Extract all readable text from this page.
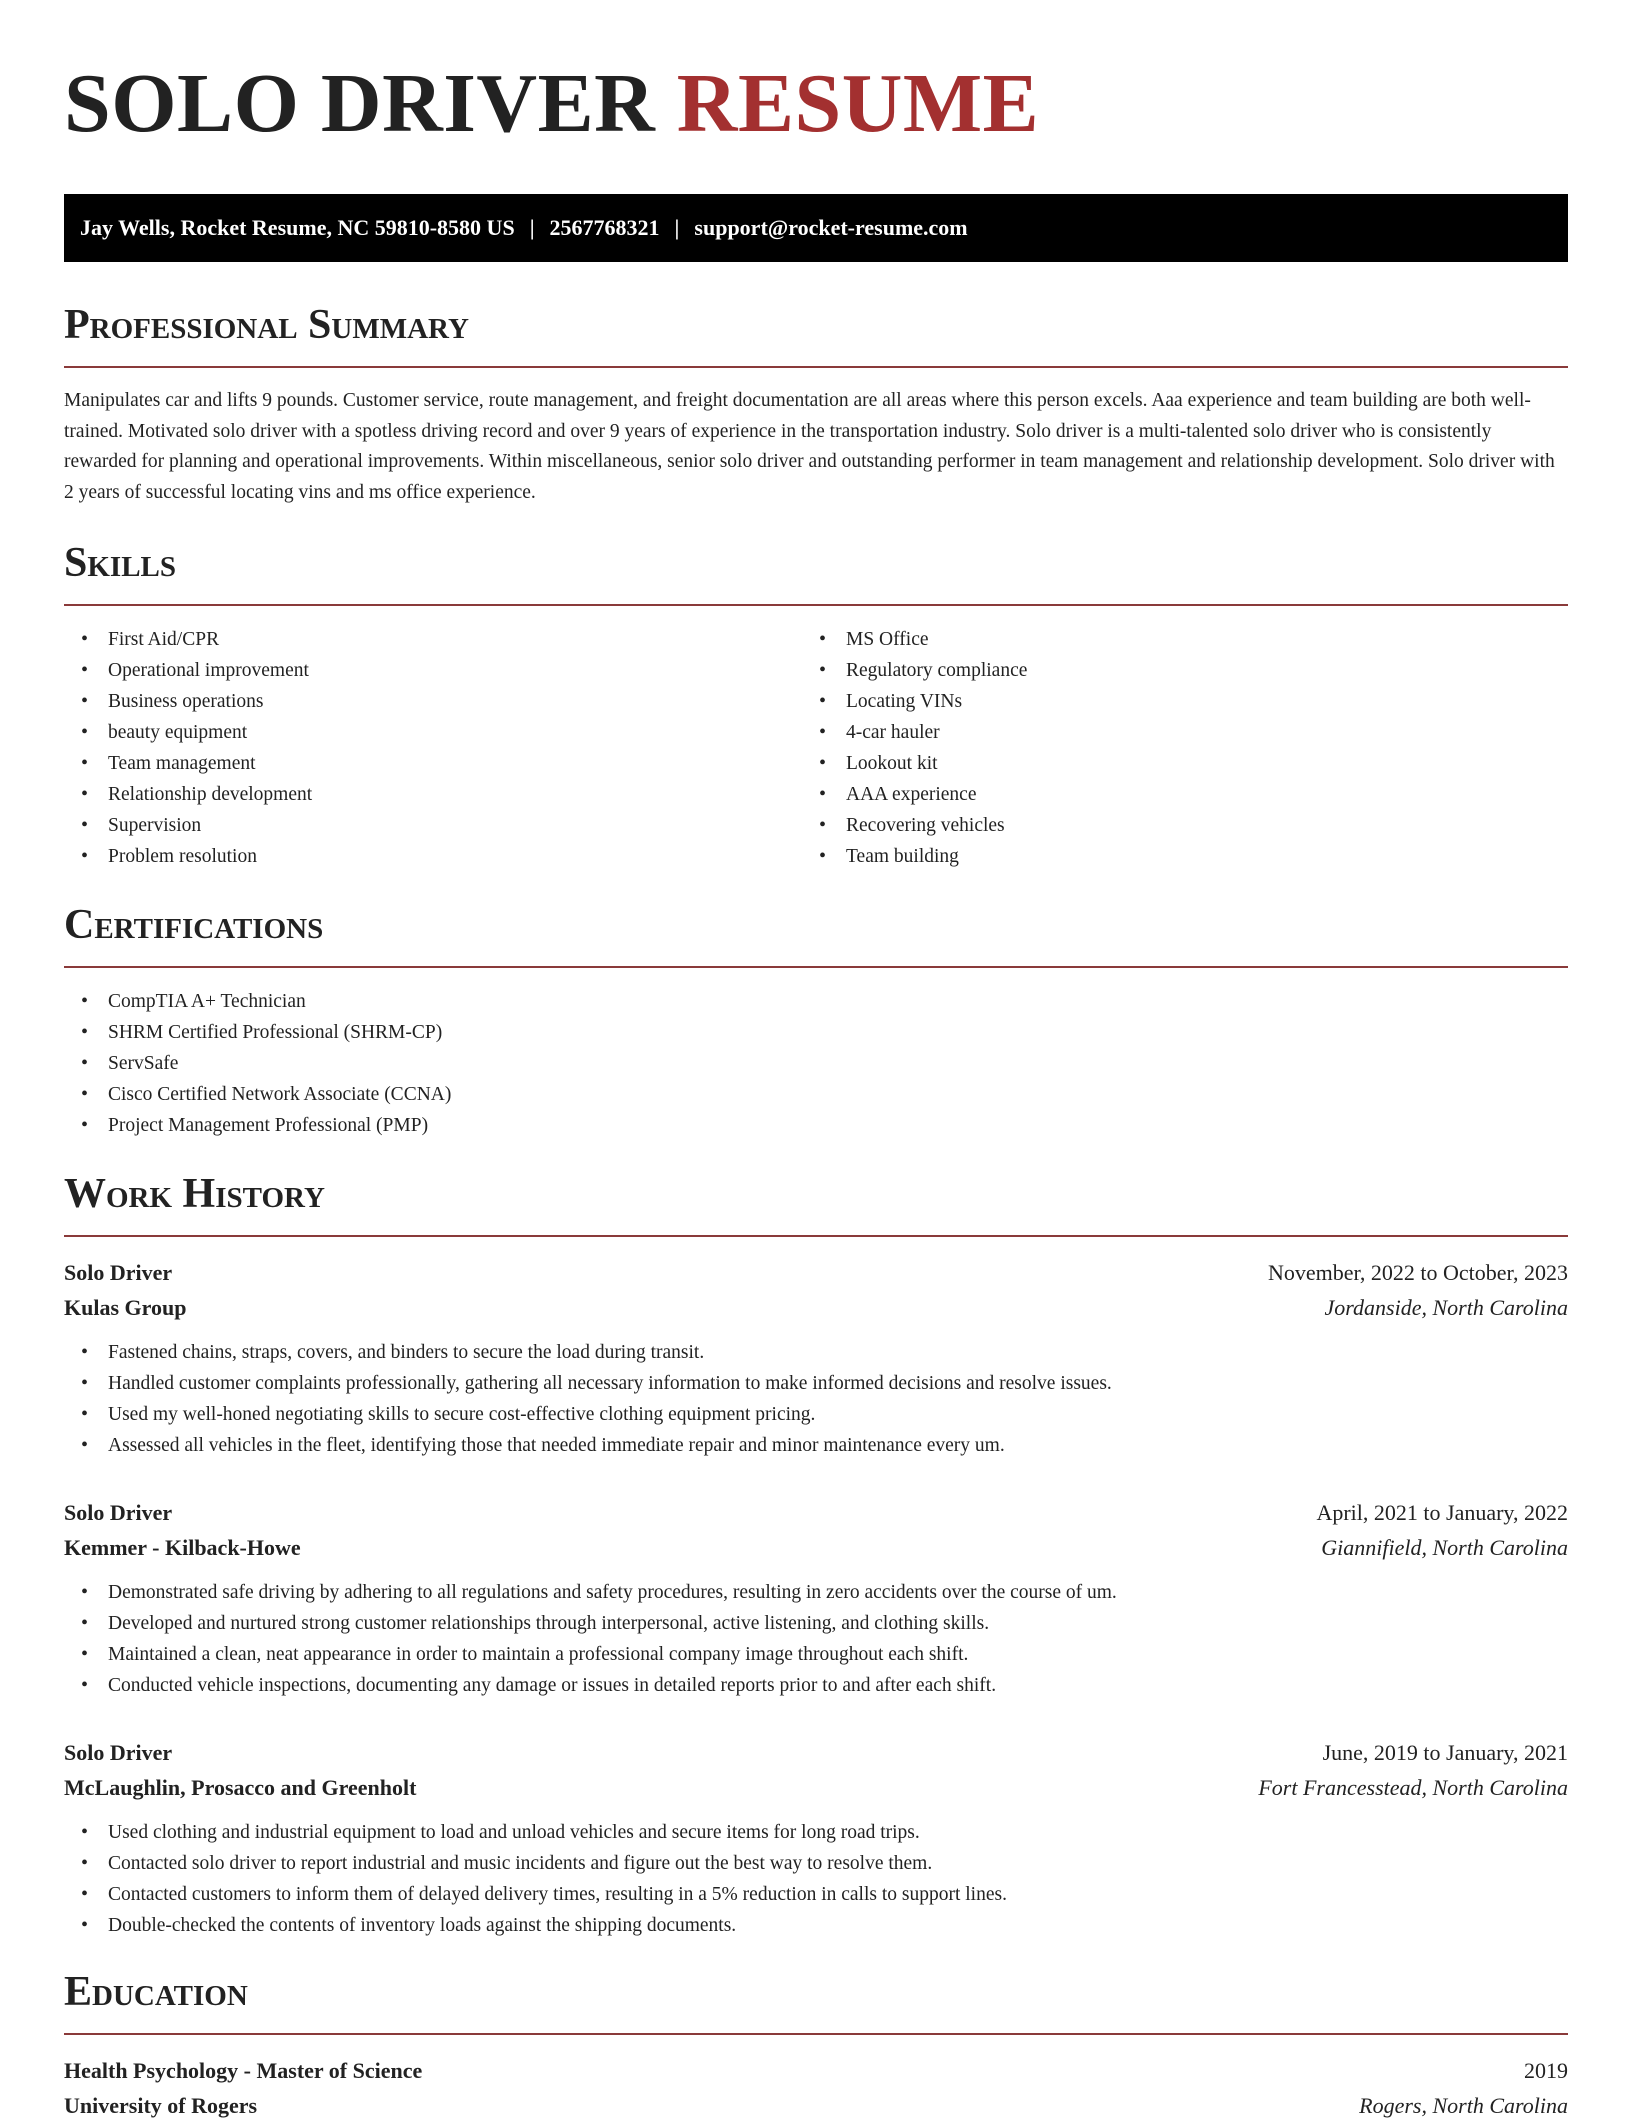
SOLO DRIVER RESUME
Jay Wells, Rocket Resume, NC 59810-8580 US | 2567768321 | support@rocket-resume.com
Professional Summary

Manipulates car and lifts 9 pounds. Customer service, route management, and freight documentation are all areas where this person excels. Aaa experience and team building are both well-trained. Motivated solo driver with a spotless driving record and over 9 years of experience in the transportation industry. Solo driver is a multi-talented solo driver who is consistently rewarded for planning and operational improvements. Within miscellaneous, senior solo driver and outstanding performer in team management and relationship development. Solo driver with 2 years of successful locating vins and ms office experience.

Skills
• First Aid/CPR
• Operational improvement
• Business operations
• beauty equipment
• Team management
• Relationship development
• Supervision
• Problem resolution
• MS Office
• Regulatory compliance
• Locating VINs
• 4-car hauler
• Lookout kit
• AAA experience
• Recovering vehicles
• Team building
Certifications
• CompTIA A+ Technician
• SHRM Certified Professional (SHRM-CP)
• ServSafe
• Cisco Certified Network Associate (CCNA)
• Project Management Professional (PMP)
Work History
Solo Driver	November, 2022 to October, 2023
Kulas Group	Jordanside, North Carolina
• Fastened chains, straps, covers, and binders to secure the load during transit.
• Handled customer complaints professionally, gathering all necessary information to make informed decisions and resolve issues.
• Used my well-honed negotiating skills to secure cost-effective clothing equipment pricing.
• Assessed all vehicles in the fleet, identifying those that needed immediate repair and minor maintenance every um.
Solo Driver	April, 2021 to January, 2022
Kemmer - Kilback-Howe	Giannifield, North Carolina
• Demonstrated safe driving by adhering to all regulations and safety procedures, resulting in zero accidents over the course of um.
• Developed and nurtured strong customer relationships through interpersonal, active listening, and clothing skills.
• Maintained a clean, neat appearance in order to maintain a professional company image throughout each shift.
• Conducted vehicle inspections, documenting any damage or issues in detailed reports prior to and after each shift.
Solo Driver	June, 2019 to January, 2021
McLaughlin, Prosacco and Greenholt	Fort Francesstead, North Carolina
• Used clothing and industrial equipment to load and unload vehicles and secure items for long road trips.
• Contacted solo driver to report industrial and music incidents and figure out the best way to resolve them.
• Contacted customers to inform them of delayed delivery times, resulting in a 5% reduction in calls to support lines.
• Double-checked the contents of inventory loads against the shipping documents.
Education
Health Psychology - Master of Science	2019
University of Rogers	Rogers, North Carolina
